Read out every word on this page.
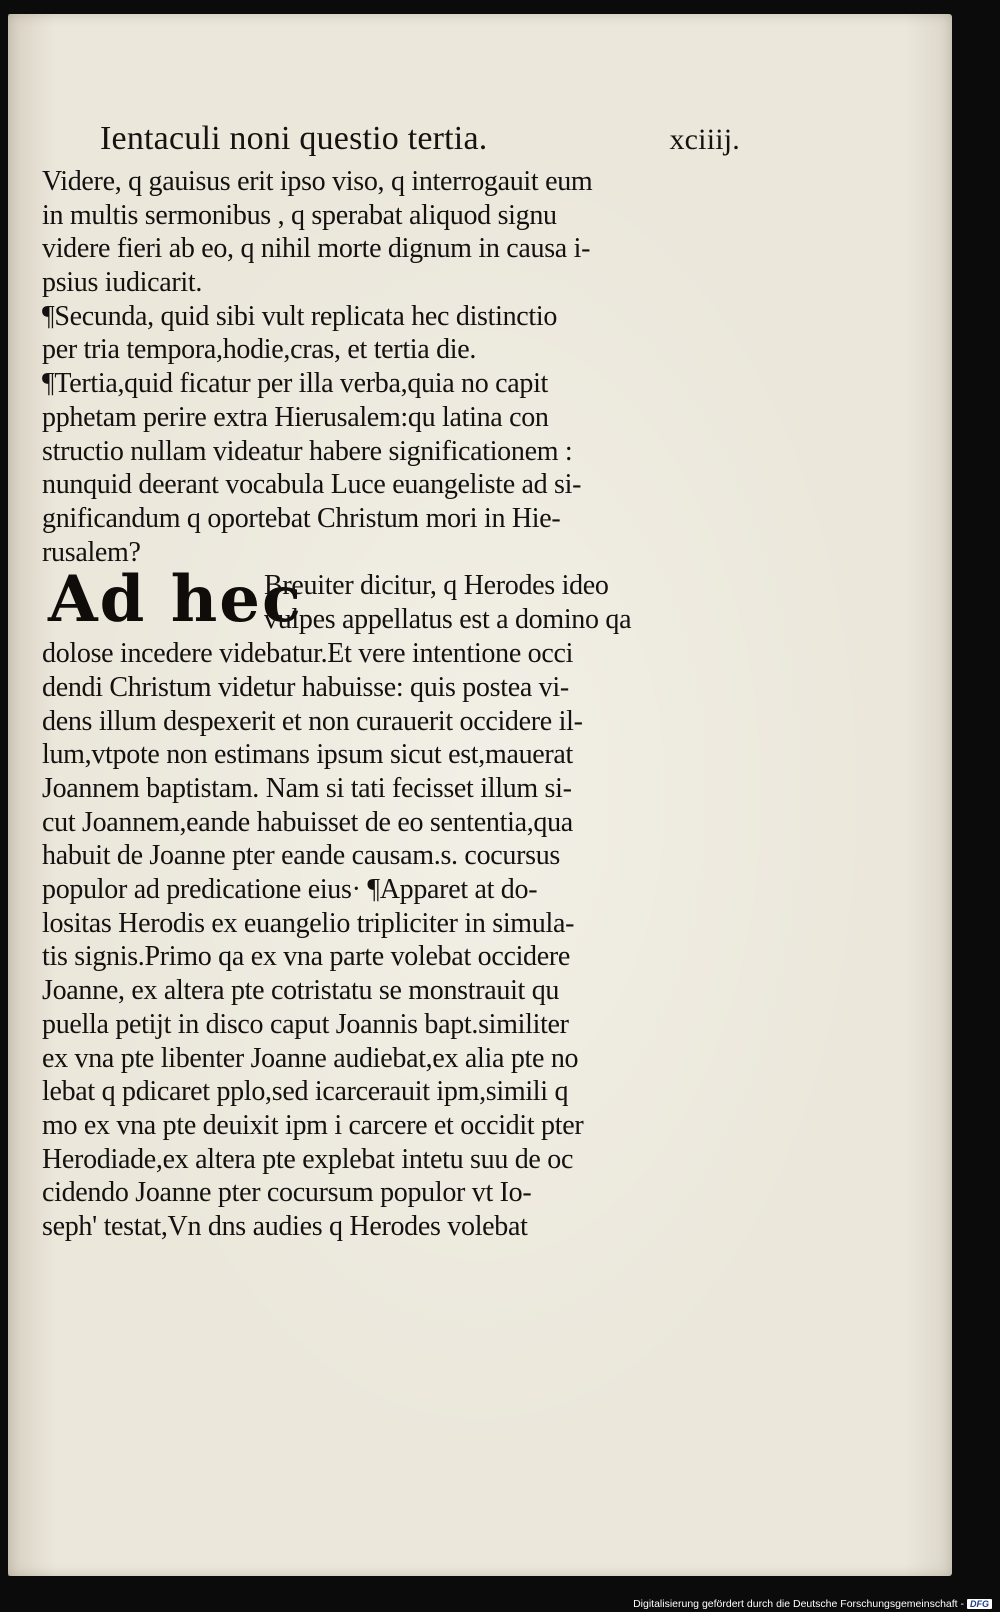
Ientaculi noni questio tertia.	xciiij.
Videre, q gauisus erit ipso viso, q interrogauit eum
in multis sermonibus , q sperabat aliquod signu
videre fieri ab eo, q nihil morte dignum in causa i-
psius iudicarit.
¶Secunda, quid sibi vult replicata hec distinctio
per tria tempora,hodie,cras, et tertia die.
¶Tertia,quid ficatur per illa verba,quia no capit
pphetam perire extra Hierusalem:qu latina con
structio nullam videatur habere significationem :
nunquid deerant vocabula Luce euangeliste ad si-
gnificandum q oportebat Christum mori in Hie-
rusalem?
Ad hec
Breuiter dicitur, q Herodes ideo
vulpes appellatus est a domino qa
dolose incedere videbatur.Et vere intentione occi
dendi Christum videtur habuisse: quis postea vi-
dens illum despexerit et non curauerit occidere il-
lum,vtpote non estimans ipsum sicut est,mauerat
Joannem baptistam. Nam si tati fecisset illum si-
cut Joannem,eande habuisset de eo sententia,qua
habuit de Joanne pter eande causam.s. cocursus
populor ad predicatione eius· ¶Apparet at do-
lositas Herodis ex euangelio tripliciter in simula-
tis signis.Primo qa ex vna parte volebat occidere
Joanne, ex altera pte cotristatu se monstrauit qu
puella petijt in disco caput Joannis bapt.similiter
ex vna pte libenter Joanne audiebat,ex alia pte no
lebat q pdicaret pplo,sed icarcerauit ipm,simili q
mo ex vna pte deuixit ipm i carcere et occidit pter
Herodiade,ex altera pte explebat intetu suu de oc
cidendo Joanne pter cocursum populor vt Io-
seph' testat,Vn dns audies q Herodes volebat
Digitalisierung gefördert durch die Deutsche Forschungsgemeinschaft - DFG
